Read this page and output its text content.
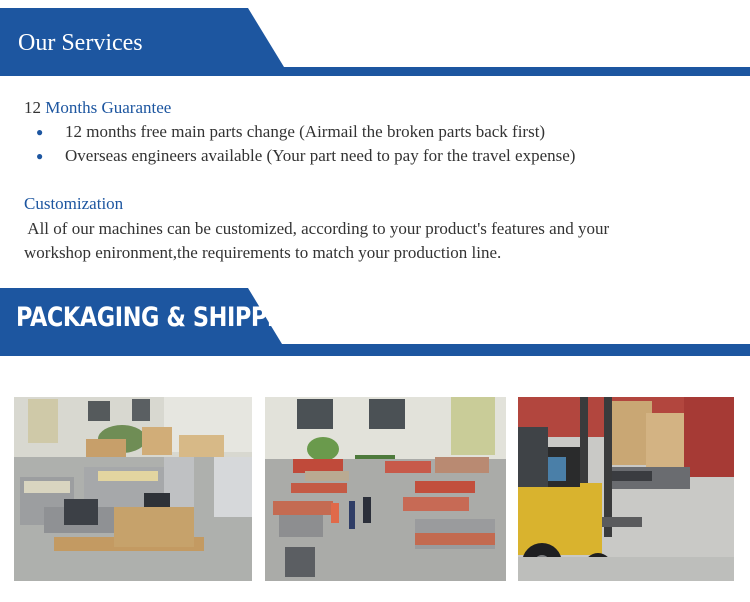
Our Services
12 Months Guarantee
● 12 months free main parts change (Airmail the broken parts back first)
● Overseas engineers available (Your part need to pay for the travel expense)
Customization

All of our machines can be customized, according to your product's features and your

workshop enironment,the requirements to match your production line.

PACKAGING & SHIPPING
